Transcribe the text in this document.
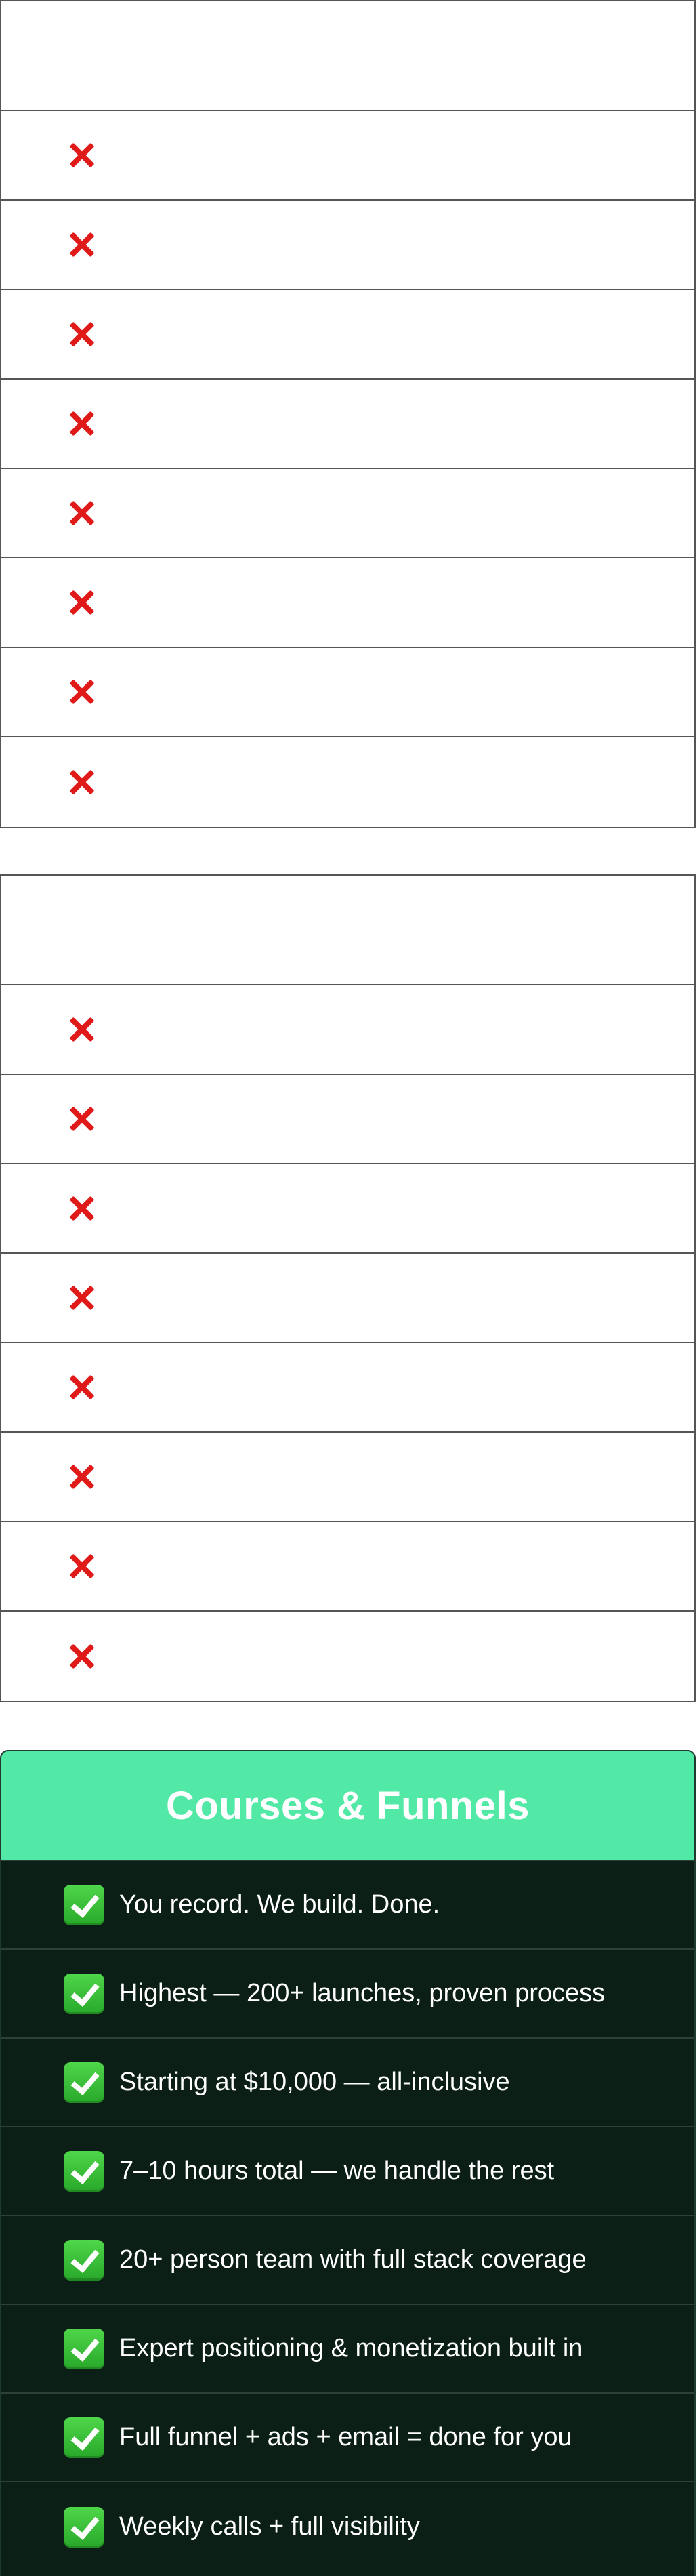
Courses & Funnels
You record. We build. Done.
Highest — 200+ launches, proven process
Starting at $10,000 — all-inclusive
7–10 hours total — we handle the rest
20+ person team with full stack coverage
Expert positioning & monetization built in
Full funnel + ads + email = done for you
Weekly calls + full visibility
